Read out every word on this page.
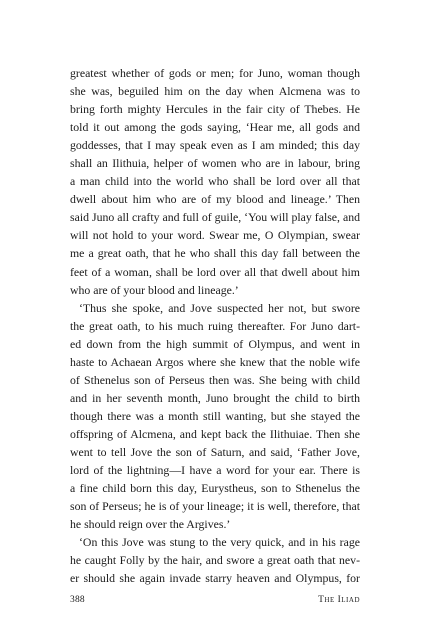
greatest whether of gods or men; for Juno, woman though
she was, beguiled him on the day when Alcmena was to
bring forth mighty Hercules in the fair city of Thebes. He
told it out among the gods saying, ‘Hear me, all gods and
goddesses, that I may speak even as I am minded; this day
shall an Ilithuia, helper of women who are in labour, bring
a man child into the world who shall be lord over all that
dwell about him who are of my blood and lineage.’ Then
said Juno all crafty and full of guile, ‘You will play false, and
will not hold to your word. Swear me, O Olympian, swear
me a great oath, that he who shall this day fall between the
feet of a woman, shall be lord over all that dwell about him
who are of your blood and lineage.’
‘Thus she spoke, and Jove suspected her not, but swore
the great oath, to his much ruing thereafter. For Juno dart-
ed down from the high summit of Olympus, and went in
haste to Achaean Argos where she knew that the noble wife
of Sthenelus son of Perseus then was. She being with child
and in her seventh month, Juno brought the child to birth
though there was a month still wanting, but she stayed the
offspring of Alcmena, and kept back the Ilithuiae. Then she
went to tell Jove the son of Saturn, and said, ‘Father Jove,
lord of the lightning—I have a word for your ear. There is
a fine child born this day, Eurystheus, son to Sthenelus the
son of Perseus; he is of your lineage; it is well, therefore, that
he should reign over the Argives.’
‘On this Jove was stung to the very quick, and in his rage
he caught Folly by the hair, and swore a great oath that nev-
er should she again invade starry heaven and Olympus, for
388	The Iliad
